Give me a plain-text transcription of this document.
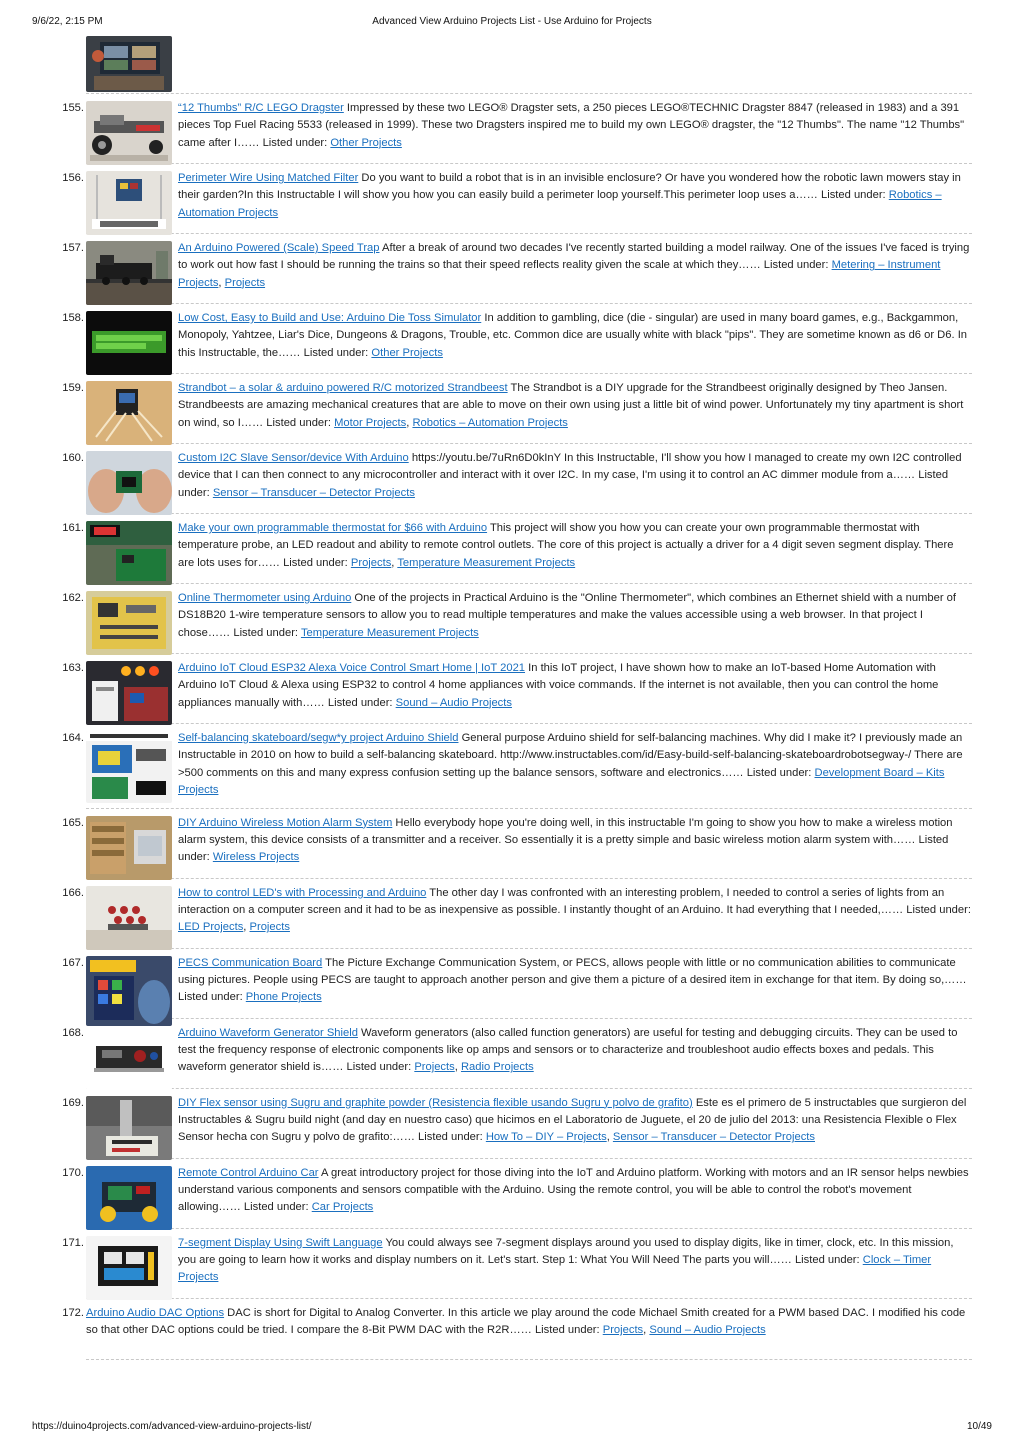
9/6/22, 2:15 PM	Advanced View Arduino Projects List - Use Arduino for Projects
155.	“12 Thumbs” R/C LEGO Dragster Impressed by these two LEGO® Dragster sets, a 250 pieces LEGO®TECHNIC Dragster 8847 (released in 1983) and a 391 pieces Top Fuel Racing 5533 (released in 1999). These two Dragsters inspired me to build my own LEGO® dragster, the "12 Thumbs". The name "12 Thumbs" came after I…… Listed under: Other Projects
156.	Perimeter Wire Using Matched Filter Do you want to build a robot that is in an invisible enclosure? Or have you wondered how the robotic lawn mowers stay in their garden?In this Instructable I will show you how you can easily build a perimeter loop yourself.This perimeter loop uses a…… Listed under: Robotics – Automation Projects
157.	An Arduino Powered (Scale) Speed Trap After a break of around two decades I've recently started building a model railway. One of the issues I've faced is trying to work out how fast I should be running the trains so that their speed reflects reality given the scale at which they…… Listed under: Metering – Instrument Projects, Projects
158.	Low Cost, Easy to Build and Use: Arduino Die Toss Simulator In addition to gambling, dice (die - singular) are used in many board games, e.g., Backgammon, Monopoly, Yahtzee, Liar's Dice, Dungeons & Dragons, Trouble, etc. Common dice are usually white with black "pips". They are sometime known as d6 or D6. In this Instructable, the…… Listed under: Other Projects
159.	Strandbot – a solar & arduino powered R/C motorized Strandbeest The Strandbot is a DIY upgrade for the Strandbeest originally designed by Theo Jansen. Strandbeests are amazing mechanical creatures that are able to move on their own using just a little bit of wind power. Unfortunately my tiny apartment is short on wind, so I…… Listed under: Motor Projects, Robotics – Automation Projects
160.	Custom I2C Slave Sensor/device With Arduino https://youtu.be/7uRn6D0kInY In this Instructable, I'll show you how I managed to create my own I2C controlled device that I can then connect to any microcontroller and interact with it over I2C. In my case, I'm using it to control an AC dimmer module from a…… Listed under: Sensor – Transducer – Detector Projects
161.	Make your own programmable thermostat for $66 with Arduino This project will show you how you can create your own programmable thermostat with temperature probe, an LED readout and ability to remote control outlets. The core of this project is actually a driver for a 4 digit seven segment display. There are lots uses for…… Listed under: Projects, Temperature Measurement Projects
162.	Online Thermometer using Arduino One of the projects in Practical Arduino is the "Online Thermometer", which combines an Ethernet shield with a number of DS18B20 1-wire temperature sensors to allow you to read multiple temperatures and make the values accessible using a web browser. In that project I chose…… Listed under: Temperature Measurement Projects
163.	Arduino IoT Cloud ESP32 Alexa Voice Control Smart Home | IoT 2021 In this IoT project, I have shown how to make an IoT-based Home Automation with Arduino IoT Cloud & Alexa using ESP32 to control 4 home appliances with voice commands. If the internet is not available, then you can control the home appliances manually with…… Listed under: Sound – Audio Projects
164.	Self-balancing skateboard/segw*y project Arduino Shield General purpose Arduino shield for self-balancing machines. Why did I make it? I previously made an Instructable in 2010 on how to build a self-balancing skateboard. http://www.instructables.com/id/Easy-build-self-balancing-skateboardrobotsegway-/ There are >500 comments on this and many express confusion setting up the balance sensors, software and electronics…… Listed under: Development Board – Kits Projects
165.	DIY Arduino Wireless Motion Alarm System Hello everybody hope you're doing well, in this instructable I'm going to show you how to make a wireless motion alarm system, this device consists of a transmitter and a receiver. So essentially it is a pretty simple and basic wireless motion alarm system with…… Listed under: Wireless Projects
166.	How to control LED's with Processing and Arduino The other day I was confronted with an interesting problem, I needed to control a series of lights from an interaction on a computer screen and it had to be as inexpensive as possible. I instantly thought of an Arduino. It had everything that I needed,…… Listed under: LED Projects, Projects
167.	PECS Communication Board The Picture Exchange Communication System, or PECS, allows people with little or no communication abilities to communicate using pictures. People using PECS are taught to approach another person and give them a picture of a desired item in exchange for that item. By doing so,…… Listed under: Phone Projects
168.	Arduino Waveform Generator Shield Waveform generators (also called function generators) are useful for testing and debugging circuits. They can be used to test the frequency response of electronic components like op amps and sensors or to characterize and troubleshoot audio effects boxes and pedals. This waveform generator shield is…… Listed under: Projects, Radio Projects
169.	DIY Flex sensor using Sugru and graphite powder (Resistencia flexible usando Sugru y polvo de grafito) Este es el primero de 5 instructables que surgieron del Instructables & Sugru build night (and day en nuestro caso) que hicimos en el Laboratorio de Juguete, el 20 de julio del 2013: una Resistencia Flexible o Flex Sensor hecha con Sugru y polvo de grafito:…… Listed under: How To – DIY – Projects, Sensor – Transducer – Detector Projects
170.	Remote Control Arduino Car A great introductory project for those diving into the IoT and Arduino platform. Working with motors and an IR sensor helps newbies understand various components and sensors compatible with the Arduino. Using the remote control, you will be able to control the robot's movement allowing…… Listed under: Car Projects
171.	7-segment Display Using Swift Language You could always see 7-segment displays around you used to display digits, like in timer, clock, etc. In this mission, you are going to learn how it works and display numbers on it. Let's start. Step 1: What You Will Need The parts you will…… Listed under: Clock – Timer Projects
172. Arduino Audio DAC Options DAC is short for Digital to Analog Converter. In this article we play around the code Michael Smith created for a PWM based DAC. I modified his code so that other DAC options could be tried. I compare the 8-Bit PWM DAC with the R2R…… Listed under: Projects, Sound – Audio Projects
https://duino4projects.com/advanced-view-arduino-projects-list/	10/49
